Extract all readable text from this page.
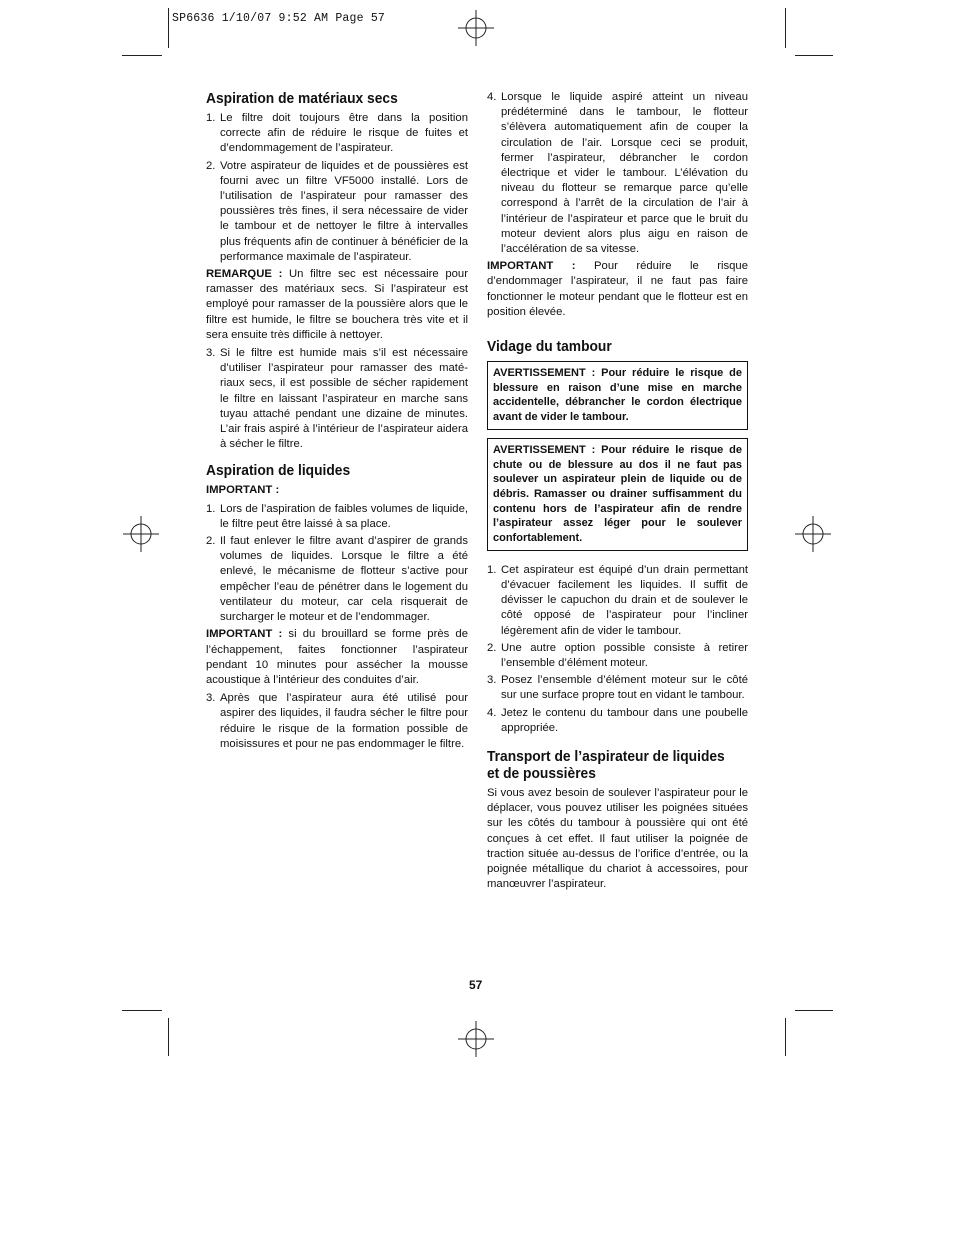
SP6636 1/10/07 9:52 AM Page 57
Aspiration de matériaux secs
1. Le filtre doit toujours être dans la position correcte afin de réduire le risque de fuites et d’endommagement de l’aspirateur.
2. Votre aspirateur de liquides et de poussières est fourni avec un filtre VF5000 installé. Lors de l’utilisation de l’aspirateur pour ramasser des poussières très fines, il sera nécessaire de vider le tambour et de nettoyer le filtre à intervalles plus fréquents afin de continuer à bénéficier de la performance maximale de l’aspirateur.

REMARQUE : Un filtre sec est nécessaire pour ramasser des matériaux secs. Si l’aspirateur est employé pour ramasser de la poussière alors que le filtre est humide, le filtre se bouchera très vite et il sera ensuite très difficile à nettoyer.

3. Si le filtre est humide mais s’il est nécessaire d’utiliser l’aspirateur pour ramasser des maté-riaux secs, il est possible de sécher rapidement le filtre en laissant l’aspirateur en marche sans tuyau attaché pendant une dizaine de minutes. L’air frais aspiré à l’intérieur de l’aspirateur aidera à sécher le filtre.
Aspiration de liquides

IMPORTANT :

1. Lors de l’aspiration de faibles volumes de liquide, le filtre peut être laissé à sa place.
2. Il faut enlever le filtre avant d’aspirer de grands volumes de liquides. Lorsque le filtre a été enlevé, le mécanisme de flotteur s’active pour empêcher l’eau de pénétrer dans le logement du ventilateur du moteur, car cela risquerait de surcharger le moteur et de l’endommager.

IMPORTANT : si du brouillard se forme près de l’échappement, faites fonctionner l’aspirateur pendant 10 minutes pour assécher la mousse acoustique à l’intérieur des conduites d’air.

3. Après que l’aspirateur aura été utilisé pour aspirer des liquides, il faudra sécher le filtre pour réduire le risque de la formation possible de moisissures et pour ne pas endommager le filtre.
4. Lorsque le liquide aspiré atteint un niveau prédéterminé dans le tambour, le flotteur s’élèvera automatiquement afin de couper la circulation de l’air. Lorsque ceci se produit, fermer l’aspirateur, débrancher le cordon électrique et vider le tambour. L’élévation du niveau du flotteur se remarque parce qu’elle correspond à l’arrêt de la circulation de l’air à l’intérieur de l’aspirateur et parce que le bruit du moteur devient alors plus aigu en raison de l’accélération de sa vitesse.

IMPORTANT : Pour réduire le risque d’endommager l’aspirateur, il ne faut pas faire fonctionner le moteur pendant que le flotteur est en position élevée.

Vidage du tambour
AVERTISSEMENT : Pour réduire le risque de blessure en raison d’une mise en marche accidentelle, débrancher le cordon électrique avant de vider le tambour.
AVERTISSEMENT : Pour réduire le risque de chute ou de blessure au dos il ne faut pas soulever un aspirateur plein de liquide ou de débris. Ramasser ou drainer suffisamment du contenu hors de l’aspirateur afin de rendre l’aspirateur assez léger pour le soulever confortablement.
1. Cet aspirateur est équipé d’un drain permettant d’évacuer facilement les liquides. Il suffit de dévisser le capuchon du drain et de soulever le côté opposé de l’aspirateur pour l’incliner légèrement afin de vider le tambour.
2. Une autre option possible consiste à retirer l’ensemble d’élément moteur.
3. Posez l’ensemble d’élément moteur sur le côté sur une surface propre tout en vidant le tambour.
4. Jetez le contenu du tambour dans une poubelle appropriée.
Transport de l’aspirateur de liquides et de poussières

Si vous avez besoin de soulever l’aspirateur pour le déplacer, vous pouvez utiliser les poignées situées sur les côtés du tambour à poussière qui ont été conçues à cet effet. Il faut utiliser la poignée de traction située au-dessus de l’orifice d’entrée, ou la poignée métallique du chariot à accessoires, pour manœuvrer l’aspirateur.

57
